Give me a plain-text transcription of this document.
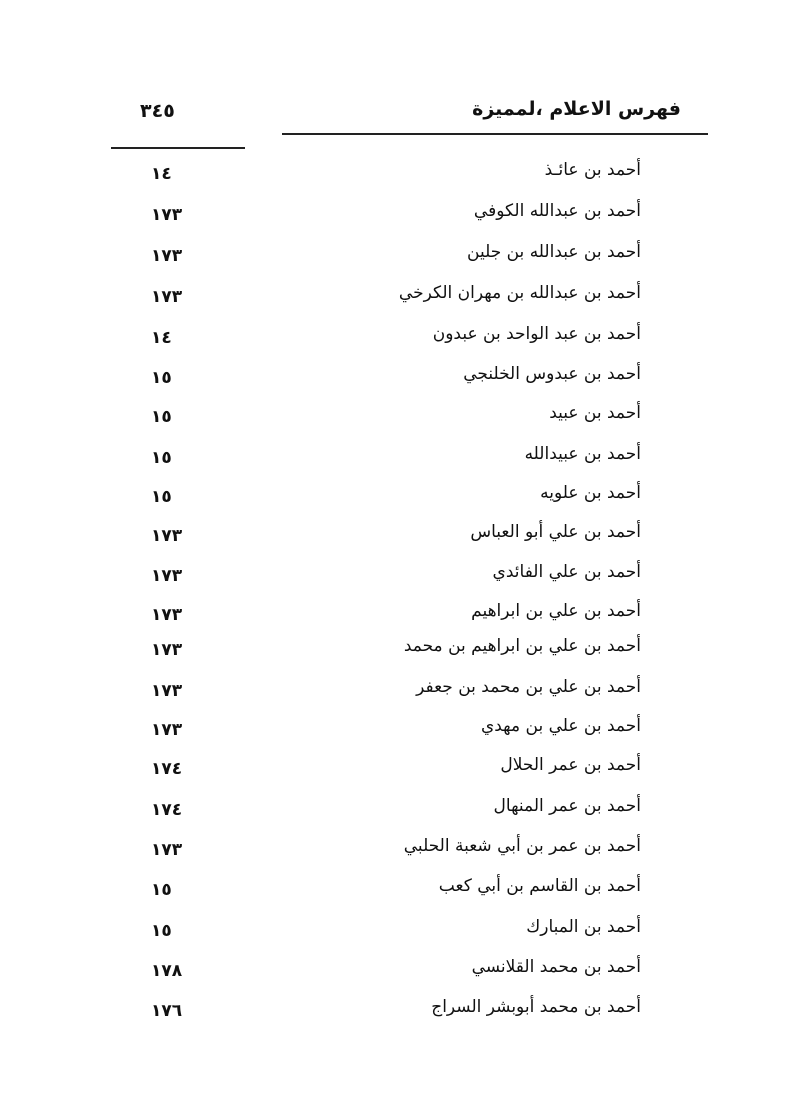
فهرس الاعلام ،لمميزة
٣٤٥
أحمد بن عائـذ
١٤
أحمد بن عبدالله الكوفي
١٧٣
أحمد بن عبدالله بن جلين
١٧٣
أحمد بن عبدالله بن مهران الكرخي
١٧٣
أحمد بن عبد الواحد بن عبدون
١٤
أحمد بن عبدوس الخلنجي
١٥
أحمد بن عبيد
١٥
أحمد بن عبيدالله
١٥
أحمد بن علويه
١٥
أحمد بن علي أبو العباس
١٧٣
أحمد بن علي الفائدي
١٧٣
أحمد بن علي بن ابراهيم
١٧٣
أحمد بن علي بن ابراهيم بن محمد
١٧٣
أحمد بن علي بن محمد بن جعفر
١٧٣
أحمد بن علي بن مهدي
١٧٣
أحمد بن عمر الحلال
١٧٤
أحمد بن عمر المنهال
١٧٤
أحمد بن عمر بن أبي شعبة الحلبي
١٧٣
أحمد بن القاسم بن أبي كعب
١٥
أحمد بن المبارك
١٥
أحمد بن محمد القلانسي
١٧٨
أحمد بن محمد أبوبشر السراج
١٧٦
